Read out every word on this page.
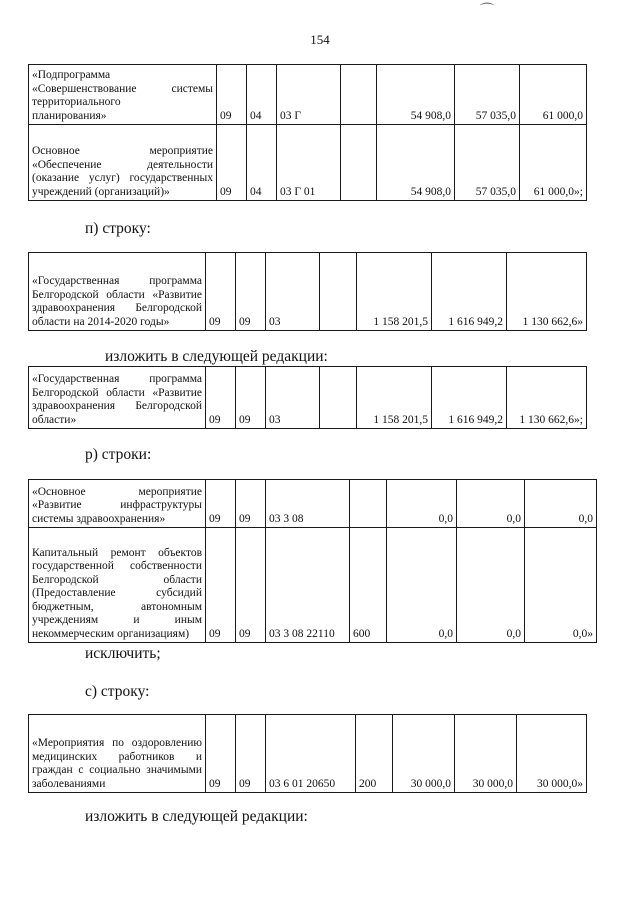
⌒
154
«Подпрограмма
«Совершенствование системы территориального
планирования»	09	04	03 Г		54 908,0	57 035,0	61 000,0

Основное мероприятие «Обеспечение деятельности (оказание услуг) государственных учреждений (организаций)»	09	04	03 Г 01		54 908,0	57 035,0	61 000,0»;
п) строку:
«Государственная программа Белгородской области «Развитие здравоохранения Белгородской области на 2014-2020 годы»	09	09	03		1 158 201,5	1 616 949,2	1 130 662,6»
изложить в следующей редакции:
«Государственная программа Белгородской области «Развитие здравоохранения Белгородской области»	09	09	03		1 158 201,5	1 616 949,2	1 130 662,6»;
р) строки:
«Основное мероприятие «Развитие инфраструктуры системы здравоохранения»	09	09	03 3 08		0,0	0,0	0,0

Капитальный ремонт объектов государственной собственности Белгородской области (Предоставление субсидий бюджетным, автономным учреждениям и иным некоммерческим организациям)	09	09	03 3 08 22110	600	0,0	0,0	0,0»
исключить;
с) строку:
«Мероприятия по оздоровлению медицинских работников и граждан с социально значимыми заболеваниями	09	09	03 6 01 20650	200	30 000,0	30 000,0	30 000,0»
изложить в следующей редакции:
